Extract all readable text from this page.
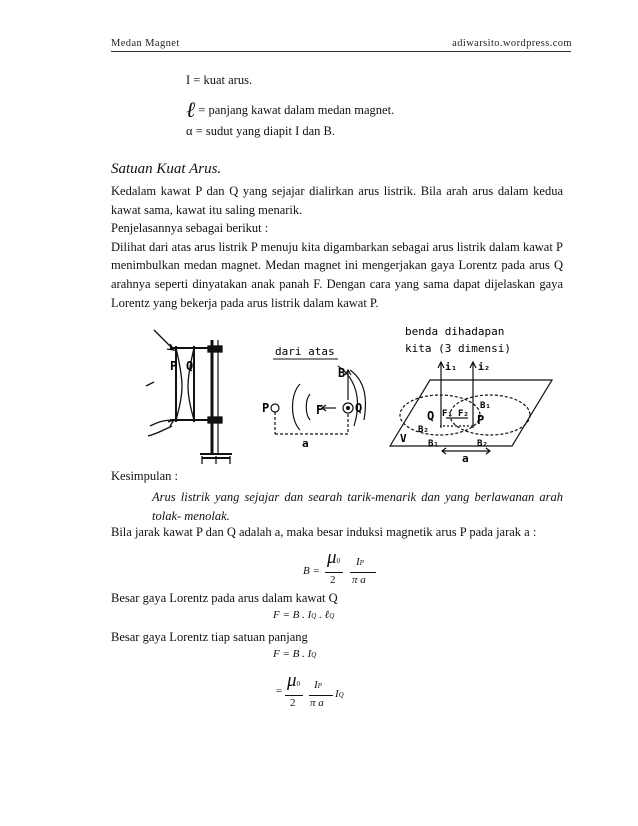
Medan Magnet	adiwarsito.wordpress.com
I = kuat arus.
ℓ = panjang kawat dalam medan magnet.
α = sudut yang diapit I dan B.
Satuan Kuat Arus.
Kedalam kawat P dan Q yang sejajar dialirkan arus listrik. Bila arah arus dalam kedua
kawat sama, kawat itu saling menarik.
Penjelasannya sebagai berikut :
Dilihat dari atas arus listrik P menuju kita digambarkan sebagai arus listrik dalam kawat P
menimbulkan medan magnet. Medan magnet ini mengerjakan gaya Lorentz pada arus Q
arahnya seperti dinyatakan anak panah F. Dengan cara yang sama dapat dijelaskan gaya
Lorentz yang bekerja pada arus listrik dalam kawat P.
P Q
dari atas
P	Q
F
B
a
benda dihadapan
kita (3 dimensi)
i₁ i₂
Q	P
F₁ F₂
B₁
B₂
B₁	B₂
V
a
Kesimpulan :
Arus listrik yang sejajar dan searah tarik-menarik dan yang berlawanan arah
tolak- menolak.
Bila jarak kawat P dan Q adalah a, maka besar induksi magnetik arus P pada jarak a :
B =
μ0
2
IP
π a
Besar gaya Lorentz pada arus dalam kawat Q
F = B . IQ . ℓQ
Besar gaya Lorentz tiap satuan panjang
F = B . IQ
= μ0
2
IP
π a
IQ
